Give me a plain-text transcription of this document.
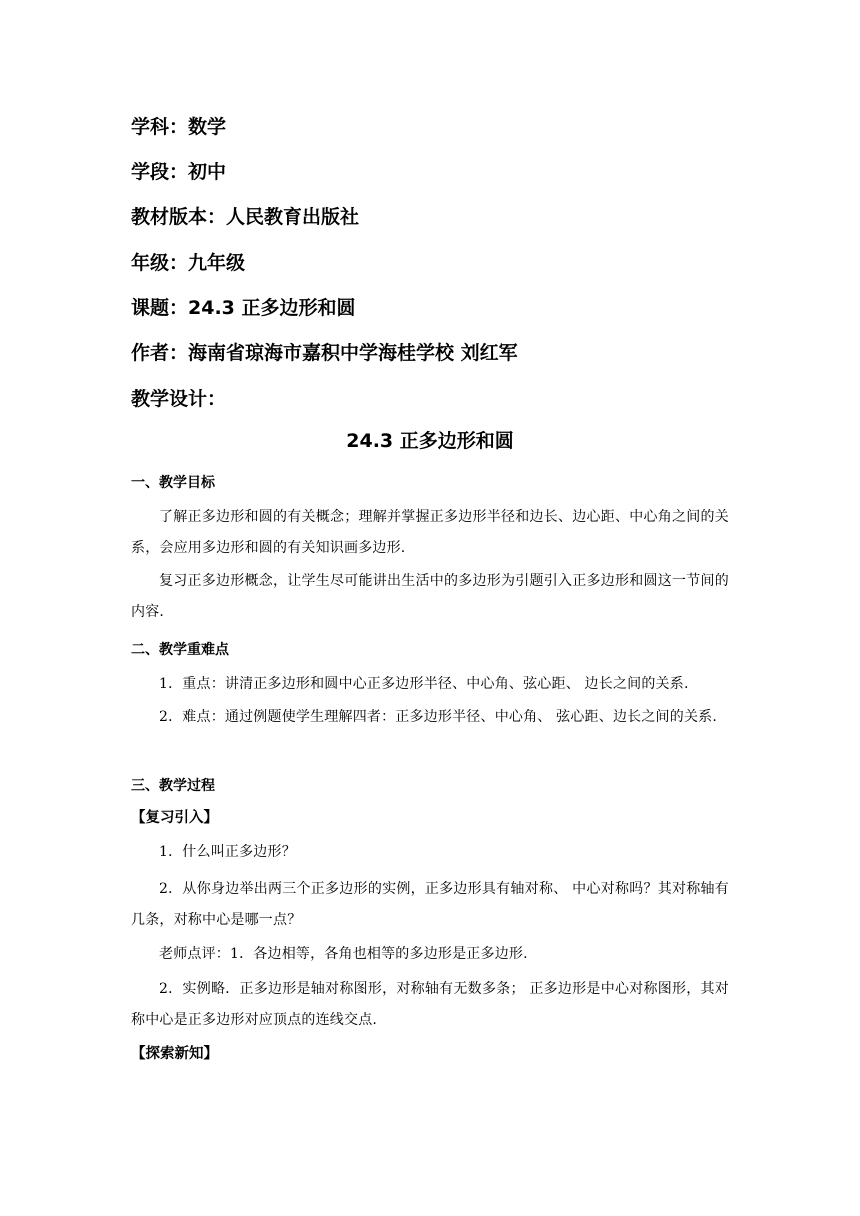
学科：数学
学段：初中
教材版本：人民教育出版社
年级：九年级
课题：24.3 正多边形和圆
作者：海南省琼海市嘉积中学海桂学校 刘红军
教学设计：
24.3 正多边形和圆
一、教学目标
了解正多边形和圆的有关概念；理解并掌握正多边形半径和边长、边心距、中心角之间的关系，会应用多边形和圆的有关知识画多边形.
复习正多边形概念，让学生尽可能讲出生活中的多边形为引题引入正多边形和圆这一节间的内容.
二、教学重难点
1．重点：讲清正多边形和圆中心正多边形半径、中心角、弦心距、 边长之间的关系.
2．难点：通过例题使学生理解四者：正多边形半径、中心角、 弦心距、边长之间的关系.
三、教学过程
【复习引入】
1．什么叫正多边形？
2．从你身边举出两三个正多边形的实例，正多边形具有轴对称、 中心对称吗？其对称轴有几条，对称中心是哪一点？
老师点评：1．各边相等，各角也相等的多边形是正多边形.
2．实例略．正多边形是轴对称图形，对称轴有无数多条； 正多边形是中心对称图形，其对称中心是正多边形对应顶点的连线交点.
【探索新知】
